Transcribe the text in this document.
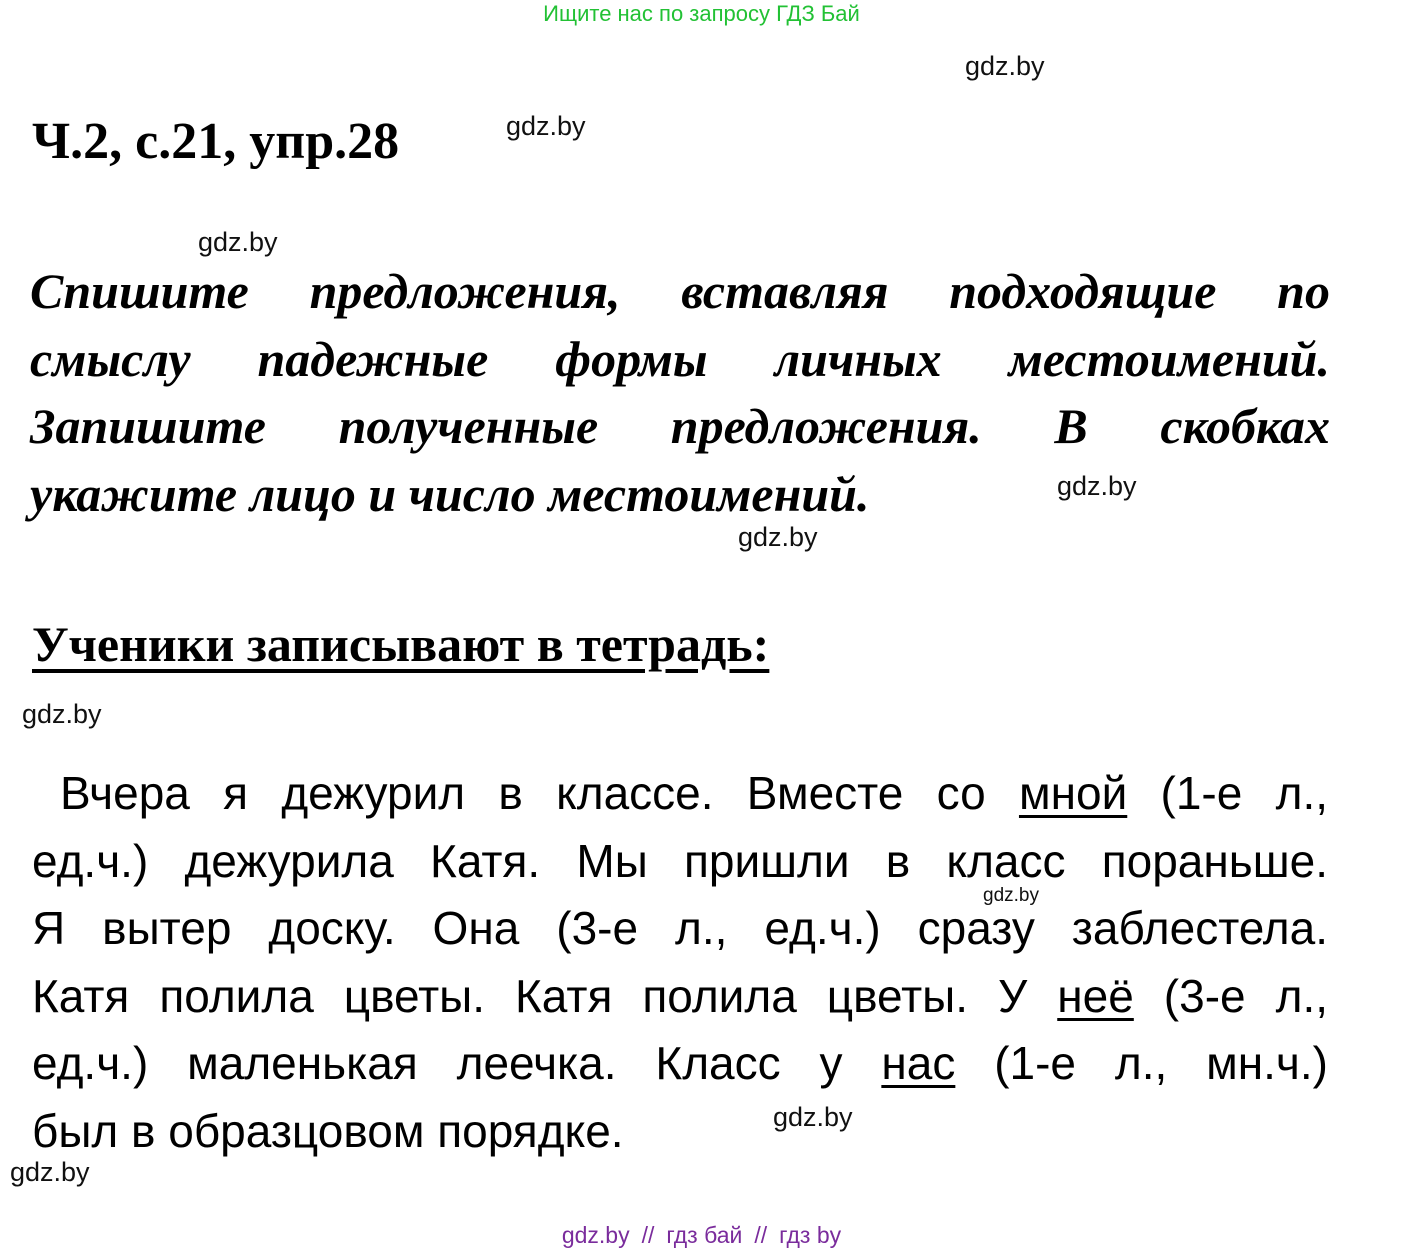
Ищите нас по запросу ГДЗ Бай
gdz.by
gdz.by
gdz.by
gdz.by
gdz.by
gdz.by
gdz.by
gdz.by
gdz.by
Ч.2, с.21, упр.28
Спишите предложения, вставляя подходящие по
смыслу падежные формы личных местоимений.
Запишите полученные предложения. В скобках
укажите лицо и число местоимений.
Ученики записывают в тетрадь:
Вчера я дежурил в классе. Вместе со мной (1-е л.,
ед.ч.) дежурила Катя. Мы пришли в класс пораньше.
Я вытер доску. Она (3-е л., ед.ч.) сразу заблестела.
Катя полила цветы. Катя полила цветы. У неё (3-е л.,
ед.ч.) маленькая леечка. Класс у нас (1-е л., мн.ч.)
был в образцовом порядке.
gdz.by // гдз бай // гдз by
